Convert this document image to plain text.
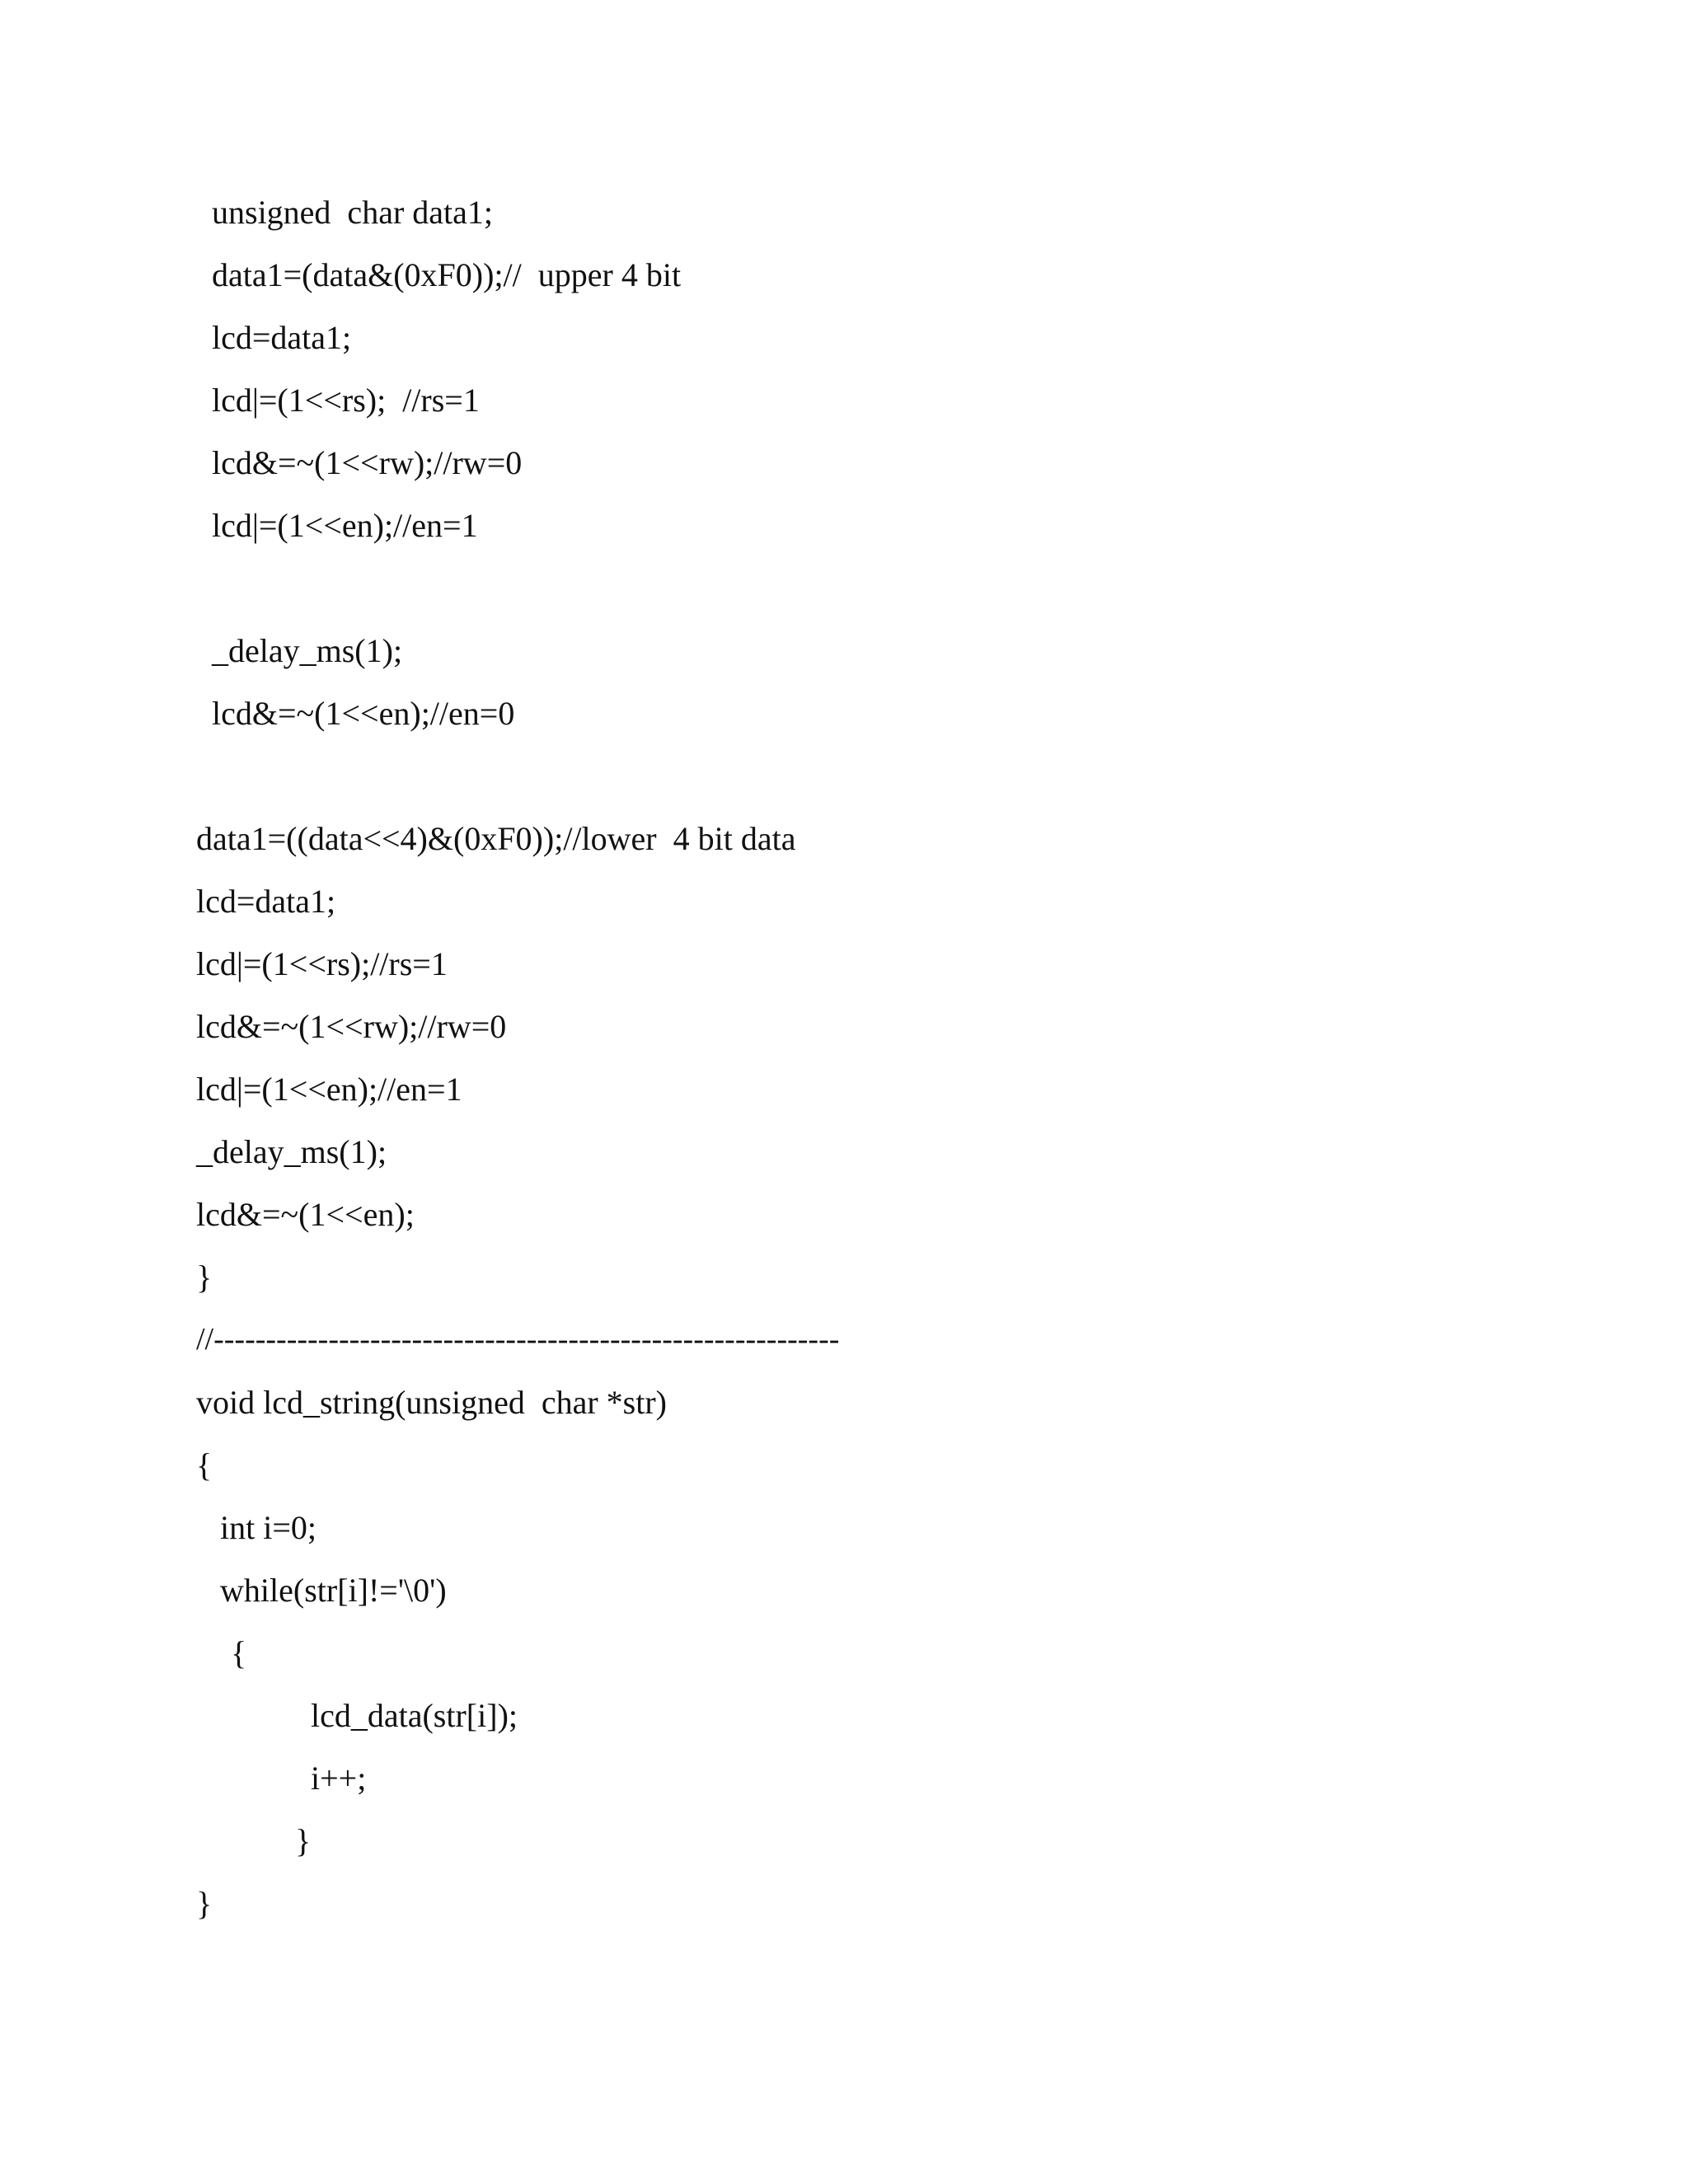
unsigned  char data1;
data1=(data&(0xF0));//  upper 4 bit
lcd=data1;
lcd|=(1<<rs);  //rs=1
lcd&=~(1<<rw);//rw=0
lcd|=(1<<en);//en=1
_delay_ms(1);
lcd&=~(1<<en);//en=0
data1=((data<<4)&(0xF0));//lower  4 bit data
lcd=data1;
lcd|=(1<<rs);//rs=1
lcd&=~(1<<rw);//rw=0
lcd|=(1<<en);//en=1
_delay_ms(1);
lcd&=~(1<<en);
}
//------------------------------------------------------------
void lcd_string(unsigned  char *str)
{
int i=0;
while(str[i]!='\0')
{
lcd_data(str[i]);
i++;
}
}
